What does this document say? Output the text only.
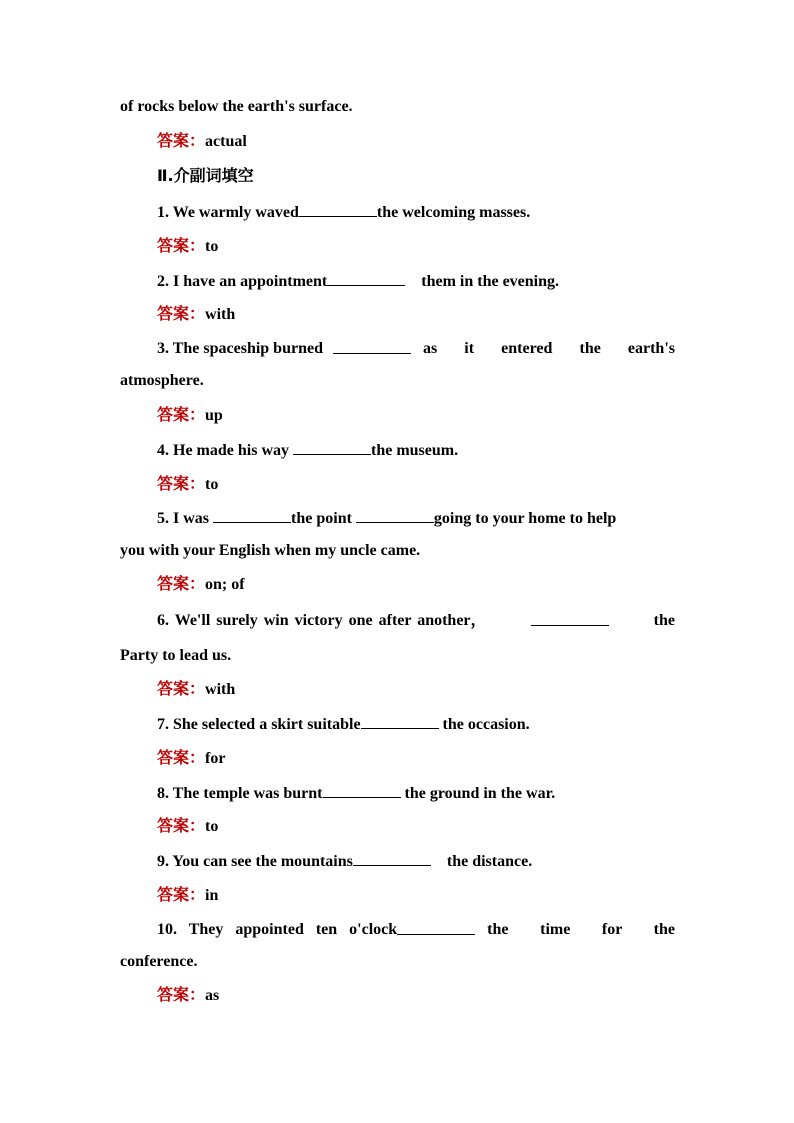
of rocks below the earth's surface.
答案：actual
Ⅱ.介副词填空
1. We warmly waved	the welcoming masses.
答案：to
2. I have an appointment	them in the evening.
答案：with
3. The spaceship burned	as it entered the earth's
atmosphere.
答案：up
4. He made his way	the museum.
答案：to
5. I was	the point	going to your home to help
you with your English when my uncle came.
答案：on; of
6. We'll surely win victory one after another，	the
Party to lead us.
答案：with
7. She selected a skirt suitable	the occasion.
答案：for
8. The temple was burnt	the ground in the war.
答案：to
9. You can see the mountains	the distance.
答案：in
10. They appointed ten o'clock	the time for the
conference.
答案：as
